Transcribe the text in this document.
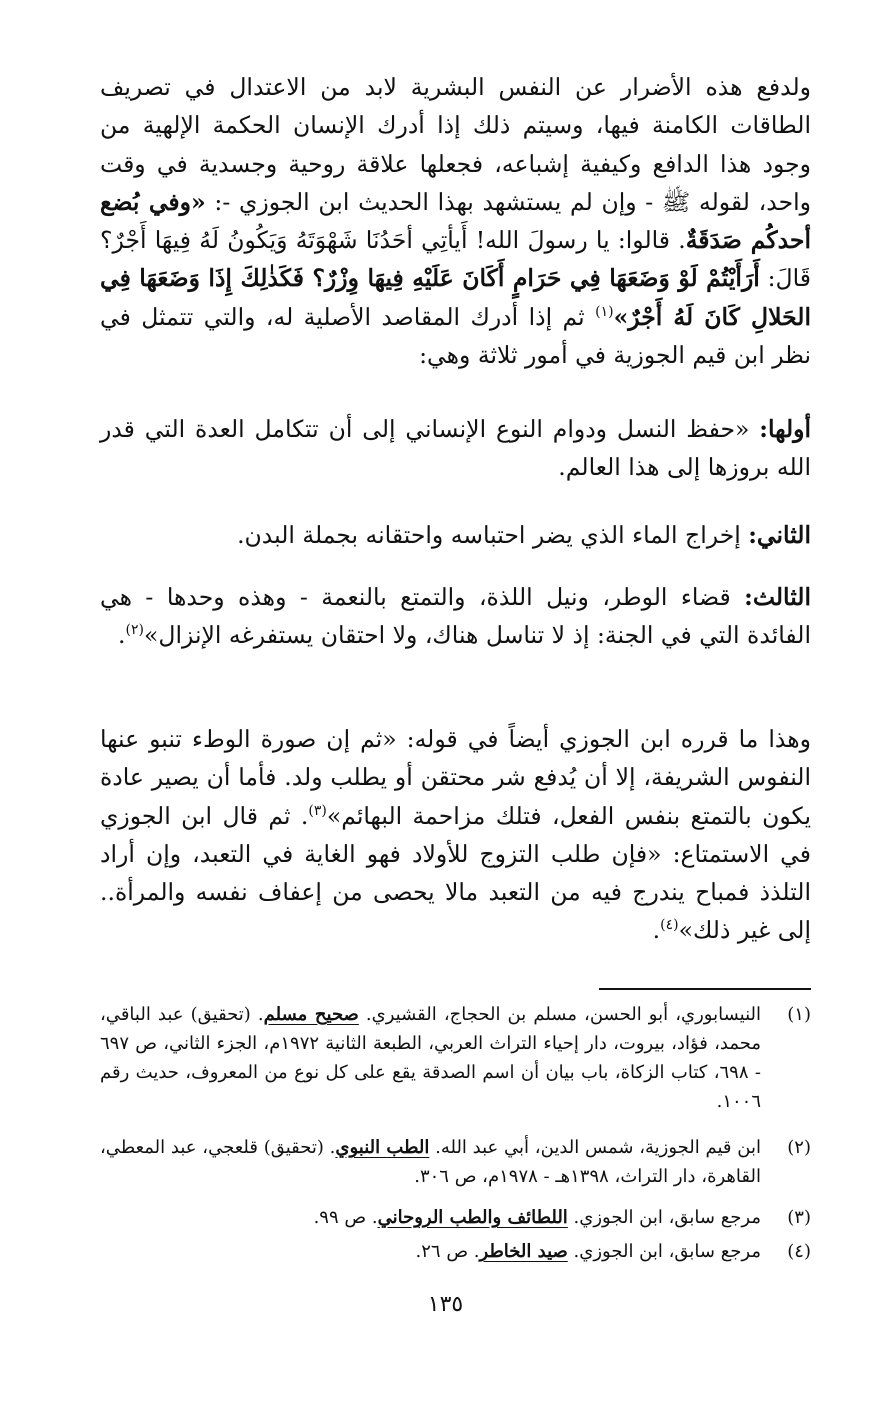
ولدفع هذه الأضرار عن النفس البشرية لابد من الاعتدال في تصريف الطاقات الكامنة فيها، وسيتم ذلك إذا أدرك الإنسان الحكمة الإلهية من وجود هذا الدافع وكيفية إشباعه، فجعلها علاقة روحية وجسدية في وقت واحد، لقوله ﷺ - وإن لم يستشهد بهذا الحديث ابن الجوزي -: «وفي بُضع أحدكُم صَدَقَةٌ. قالوا: يا رسولَ الله! أَيأتِي أحَدُنَا شَهْوَتَهُ وَيَكُونُ لَهُ فِيهَا أَجْرٌ؟ قَالَ: أَرَأَيْتُمْ لَوْ وَضَعَهَا فِي حَرَامٍ أَكَانَ عَلَيْهِ فِيهَا وِزْرٌ؟ فَكَذٰلِكَ إِذَا وَضَعَهَا فِي الحَلالِ كَانَ لَهُ أَجْرٌ»$^{(١)}$ ثم إذا أدرك المقاصد الأصلية له، والتي تتمثل في نظر ابن قيم الجوزية في أمور ثلاثة وهي:

أولها: «حفظ النسل ودوام النوع الإنساني إلى أن تتكامل العدة التي قدر الله بروزها إلى هذا العالم.

الثاني: إخراج الماء الذي يضر احتباسه واحتقانه بجملة البدن.

الثالث: قضاء الوطر، ونيل اللذة، والتمتع بالنعمة - وهذه وحدها - هي الفائدة التي في الجنة: إذ لا تناسل هناك، ولا احتقان يستفرغه الإنزال»$^{(٢)}$.

وهذا ما قرره ابن الجوزي أيضاً في قوله: «ثم إن صورة الوطء تنبو عنها النفوس الشريفة، إلا أن يُدفع شر محتقن أو يطلب ولد. فأما أن يصير عادة يكون بالتمتع بنفس الفعل، فتلك مزاحمة البهائم»$^{(٣)}$. ثم قال ابن الجوزي في الاستمتاع: «فإن طلب التزوج للأولاد فهو الغاية في التعبد، وإن أراد التلذذ فمباح يندرج فيه من التعبد مالا يحصى من إعفاف نفسه والمرأة.. إلى غير ذلك»$^{(٤)}$.

(١)
النيسابوري، أبو الحسن، مسلم بن الحجاج، القشيري. صحيح مسلم. (تحقيق) عبد الباقي، محمد، فؤاد، بيروت، دار إحياء التراث العربي، الطبعة الثانية ١٩٧٢م، الجزء الثاني، ص ٦٩٧ - ٦٩٨، كتاب الزكاة، باب بيان أن اسم الصدقة يقع على كل نوع من المعروف، حديث رقم ١٠٠٦.
(٢)
ابن قيم الجوزية، شمس الدين، أبي عبد الله. الطب النبوي. (تحقيق) قلعجي، عبد المعطي، القاهرة، دار التراث، ١٣٩٨هـ - ١٩٧٨م، ص ٣٠٦.
(٣)
مرجع سابق، ابن الجوزي. اللطائف والطب الروحاني. ص ٩٩.
(٤)
مرجع سابق، ابن الجوزي. صيد الخاطر. ص ٢٦.
١٣٥
